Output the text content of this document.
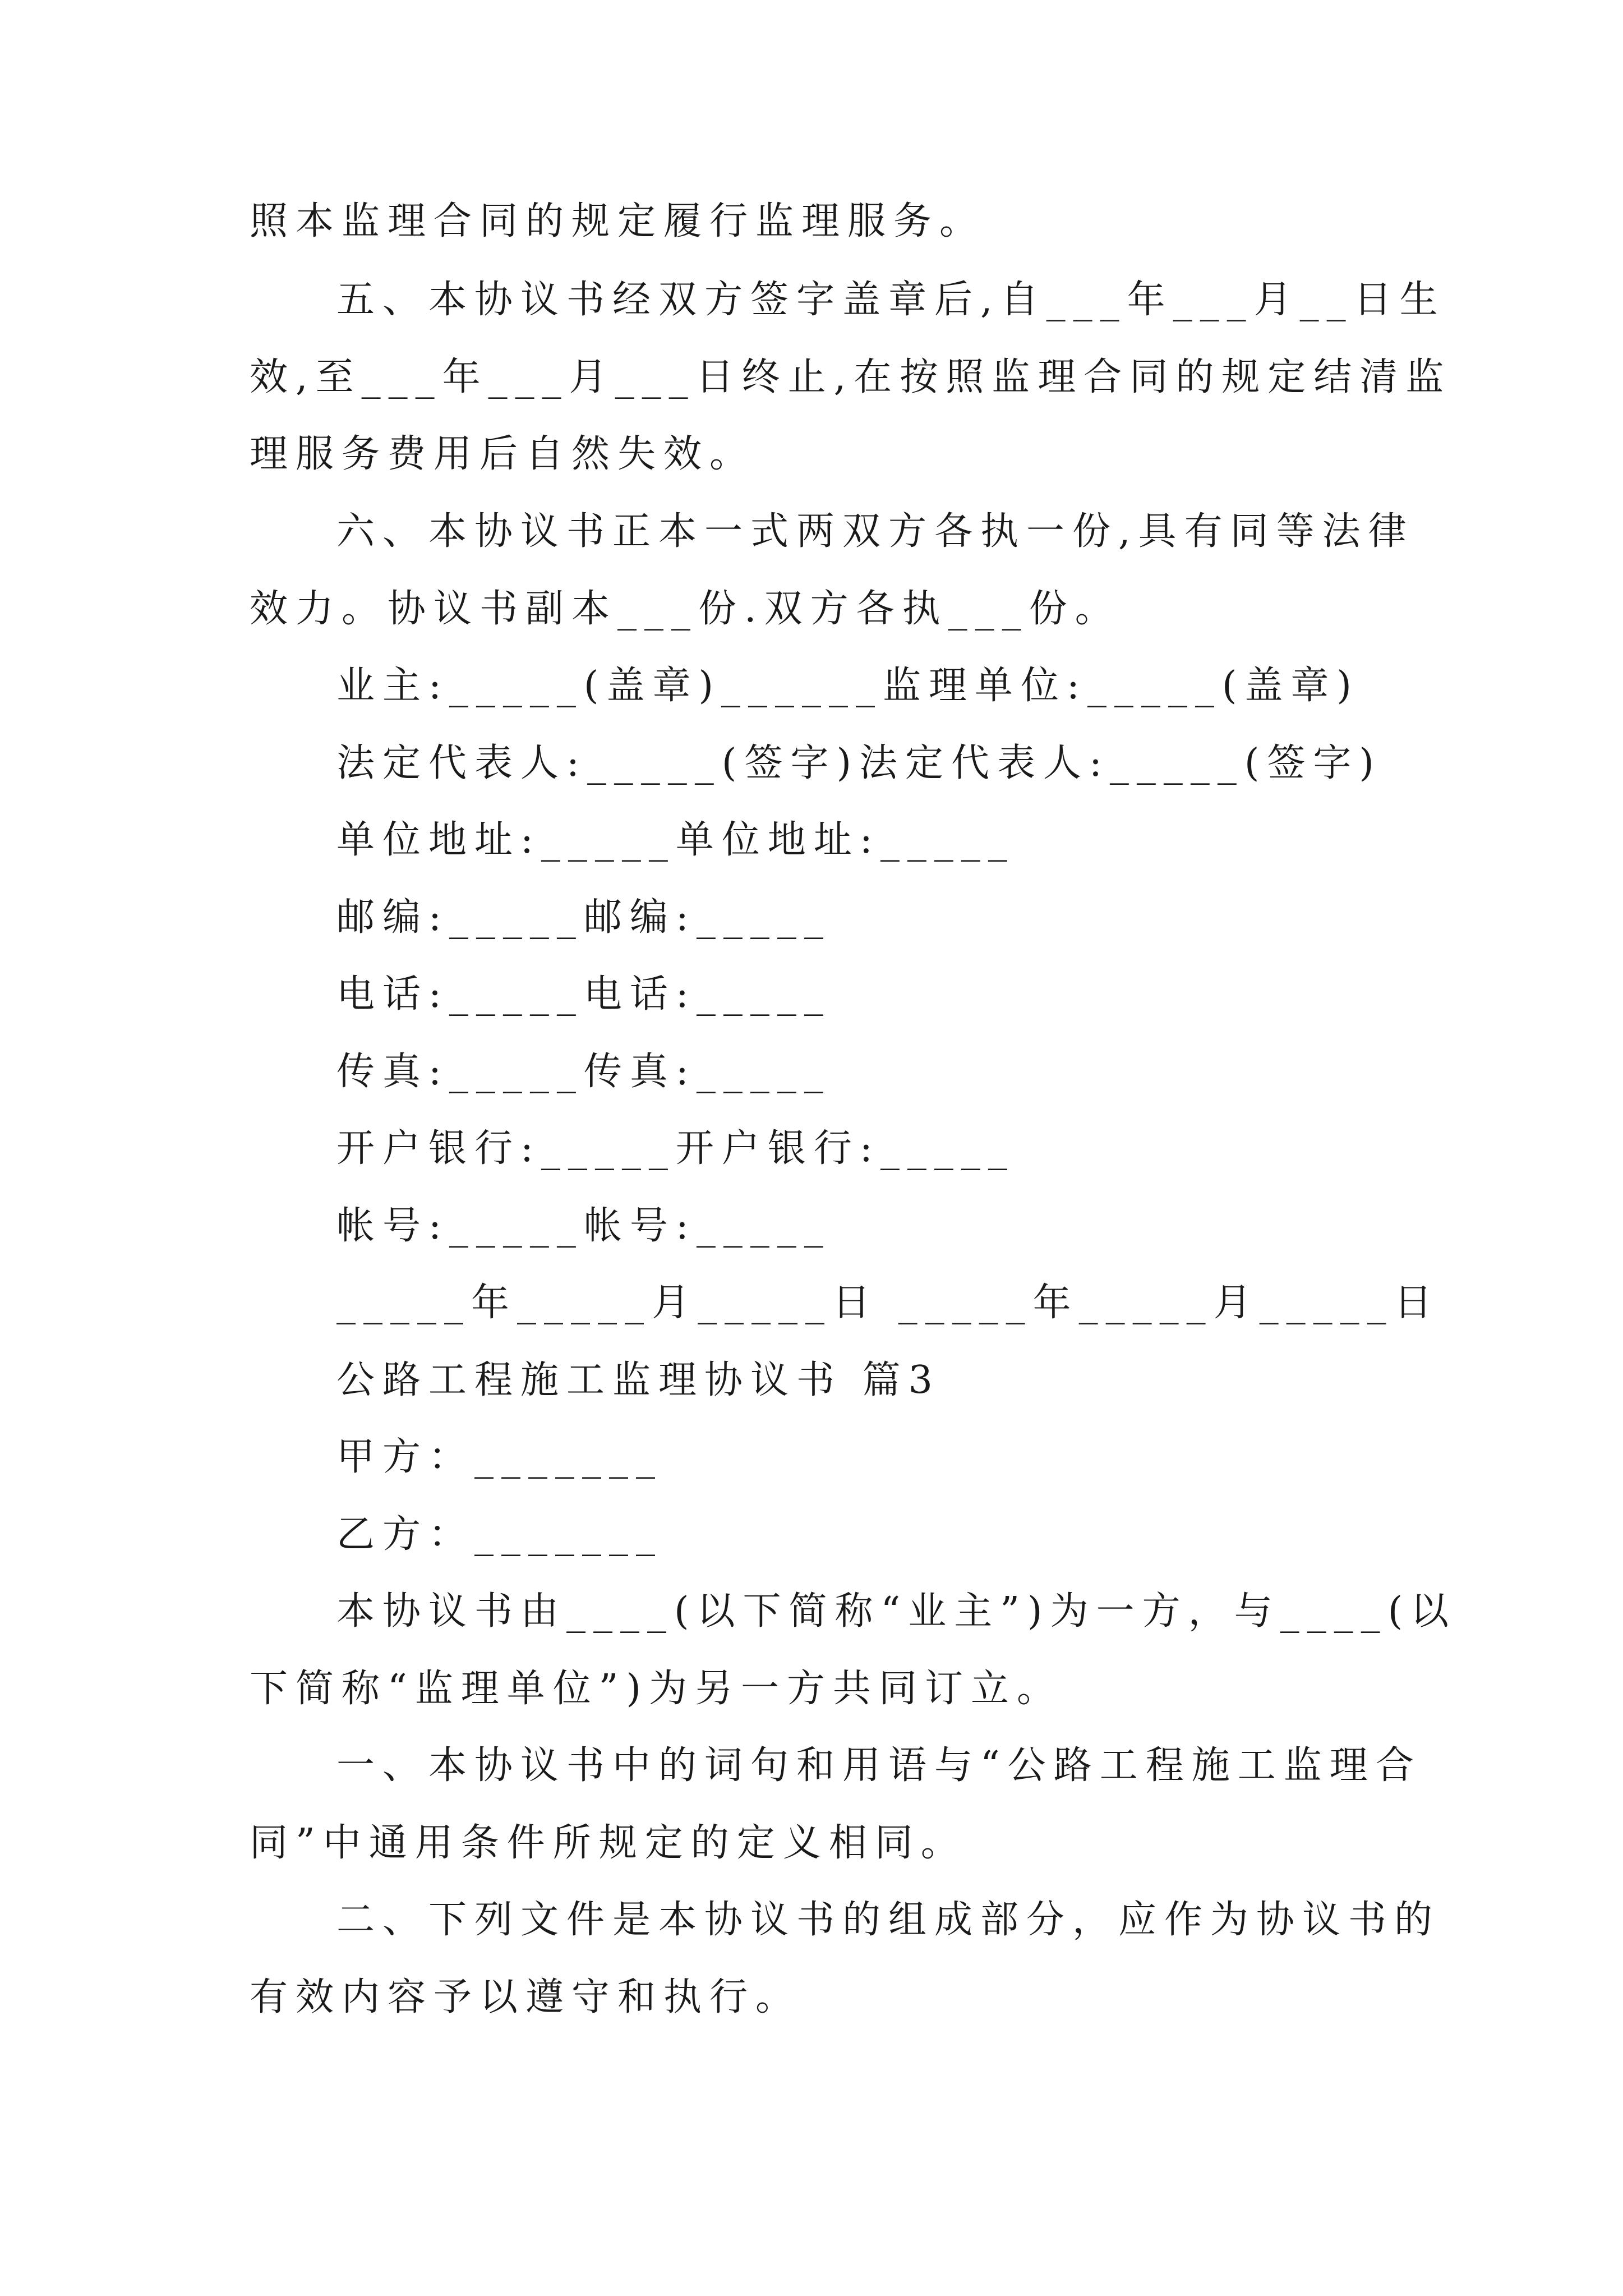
照本监理合同的规定履行监理服务。
五、本协议书经双方签字盖章后,自___年___月__日生
效,至___年___月___日终止,在按照监理合同的规定结清监
理服务费用后自然失效。
六、本协议书正本一式两双方各执一份,具有同等法律
效力。协议书副本___份.双方各执___份。
业主:_____(盖章)______监理单位:_____(盖章)
法定代表人:_____(签字)法定代表人:_____(签字)
单位地址:_____单位地址:_____
邮编:_____邮编:_____
电话:_____电话:_____
传真:_____传真:_____
开户银行:_____开户银行:_____
帐号:_____帐号:_____
_____年_____月_____日 _____年_____月_____日
公路工程施工监理协议书 篇3
甲方：_______
乙方：_______
本协议书由____(以下简称“业主”)为一方，与____(以
下简称“监理单位”)为另一方共同订立。
一、本协议书中的词句和用语与“公路工程施工监理合
同”中通用条件所规定的定义相同。
二、下列文件是本协议书的组成部分，应作为协议书的
有效内容予以遵守和执行。
